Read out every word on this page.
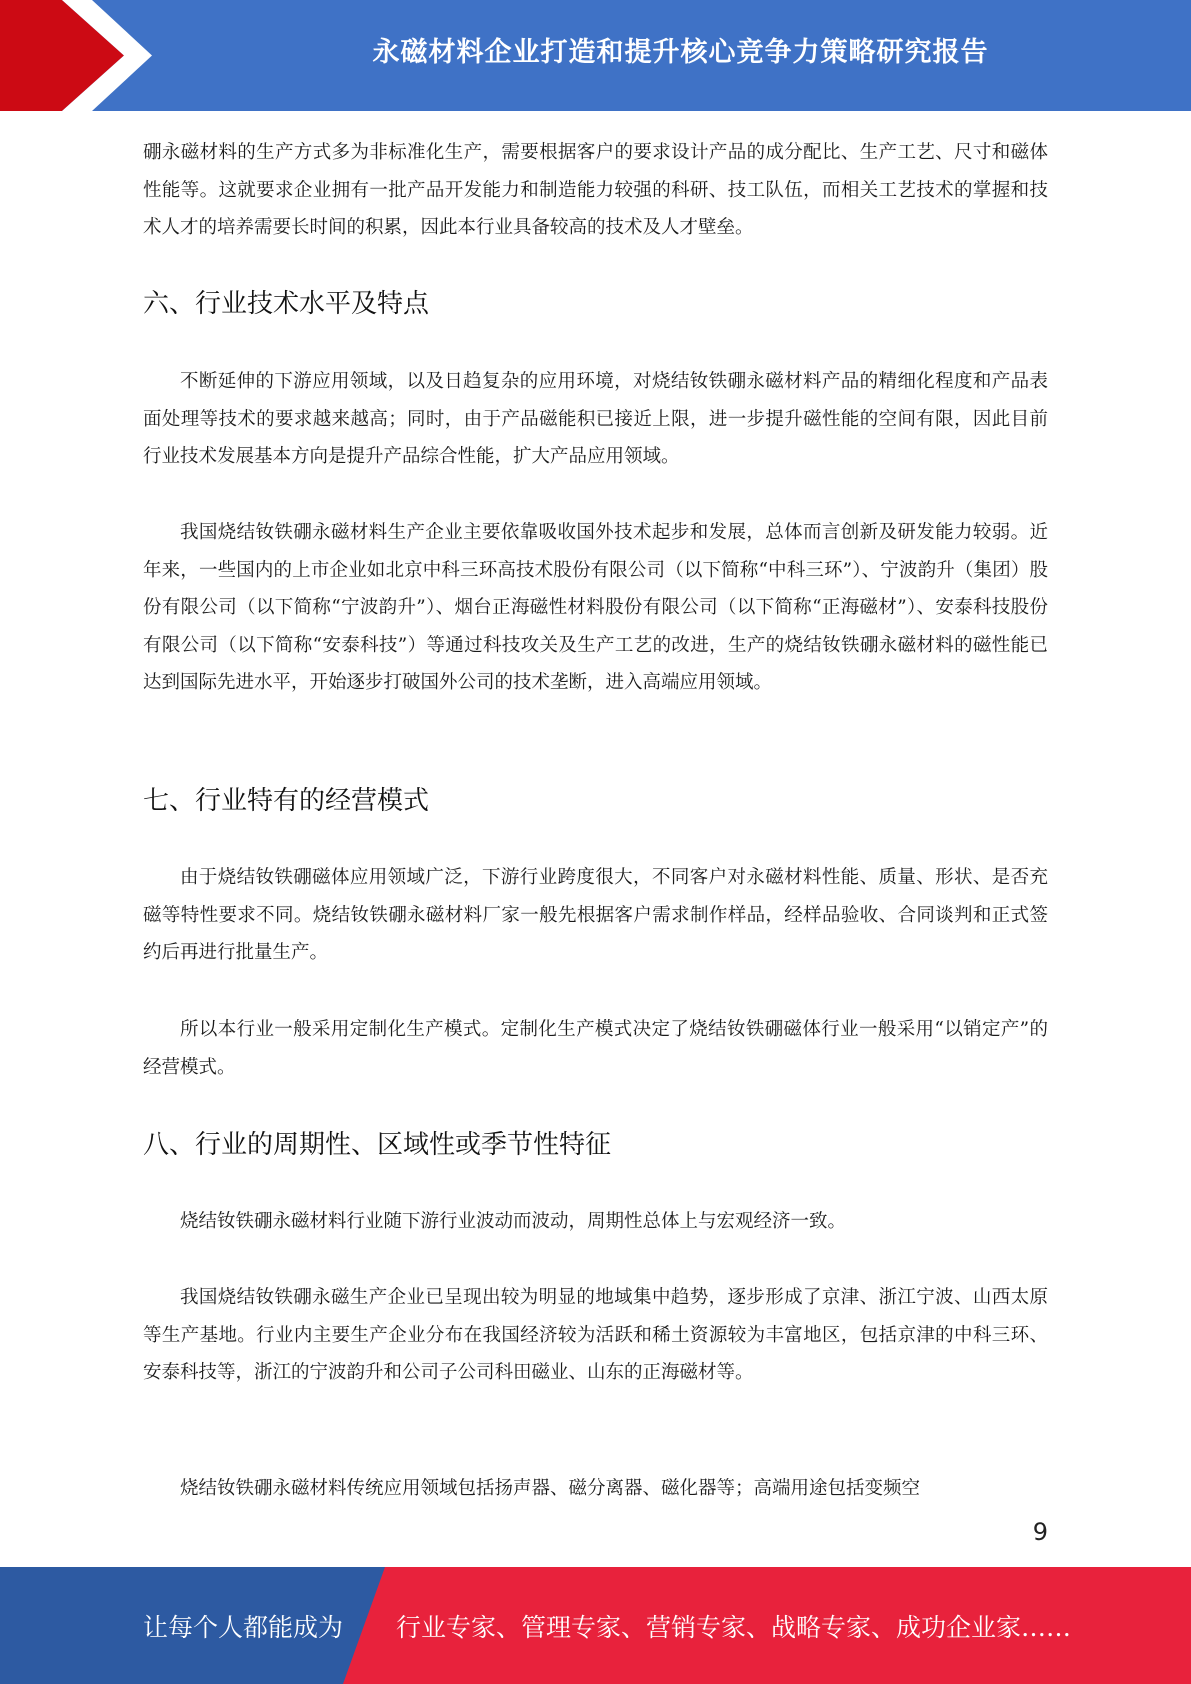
永磁材料企业打造和提升核心竞争力策略研究报告

硼永磁材料的生产方式多为非标准化生产，需要根据客户的要求设计产品的成分配比、生产工艺、尺寸和磁体性能等。这就要求企业拥有一批产品开发能力和制造能力较强的科研、技工队伍，而相关工艺技术的掌握和技术人才的培养需要长时间的积累，因此本行业具备较高的技术及人才壁垒。

六、行业技术水平及特点

不断延伸的下游应用领域，以及日趋复杂的应用环境，对烧结钕铁硼永磁材料产品的精细化程度和产品表面处理等技术的要求越来越高；同时，由于产品磁能积已接近上限，进一步提升磁性能的空间有限，因此目前行业技术发展基本方向是提升产品综合性能，扩大产品应用领域。

我国烧结钕铁硼永磁材料生产企业主要依靠吸收国外技术起步和发展，总体而言创新及研发能力较弱。近年来，一些国内的上市企业如北京中科三环高技术股份有限公司（以下简称“中科三环”）、宁波韵升（集团）股份有限公司（以下简称“宁波韵升”）、烟台正海磁性材料股份有限公司（以下简称“正海磁材”）、安泰科技股份有限公司（以下简称“安泰科技”）等通过科技攻关及生产工艺的改进，生产的烧结钕铁硼永磁材料的磁性能已达到国际先进水平，开始逐步打破国外公司的技术垄断，进入高端应用领域。

七、行业特有的经营模式

由于烧结钕铁硼磁体应用领域广泛，下游行业跨度很大，不同客户对永磁材料性能、质量、形状、是否充磁等特性要求不同。烧结钕铁硼永磁材料厂家一般先根据客户需求制作样品，经样品验收、合同谈判和正式签约后再进行批量生产。

所以本行业一般采用定制化生产模式。定制化生产模式决定了烧结钕铁硼磁体行业一般采用“以销定产”的经营模式。

八、行业的周期性、区域性或季节性特征

烧结钕铁硼永磁材料行业随下游行业波动而波动，周期性总体上与宏观经济一致。

我国烧结钕铁硼永磁生产企业已呈现出较为明显的地域集中趋势，逐步形成了京津、浙江宁波、山西太原等生产基地。行业内主要生产企业分布在我国经济较为活跃和稀土资源较为丰富地区，包括京津的中科三环、安泰科技等，浙江的宁波韵升和公司子公司科田磁业、山东的正海磁材等。

烧结钕铁硼永磁材料传统应用领域包括扬声器、磁分离器、磁化器等；高端用途包括变频空

9
让每个人都能成为 行业专家、管理专家、营销专家、战略专家、成功企业家……
